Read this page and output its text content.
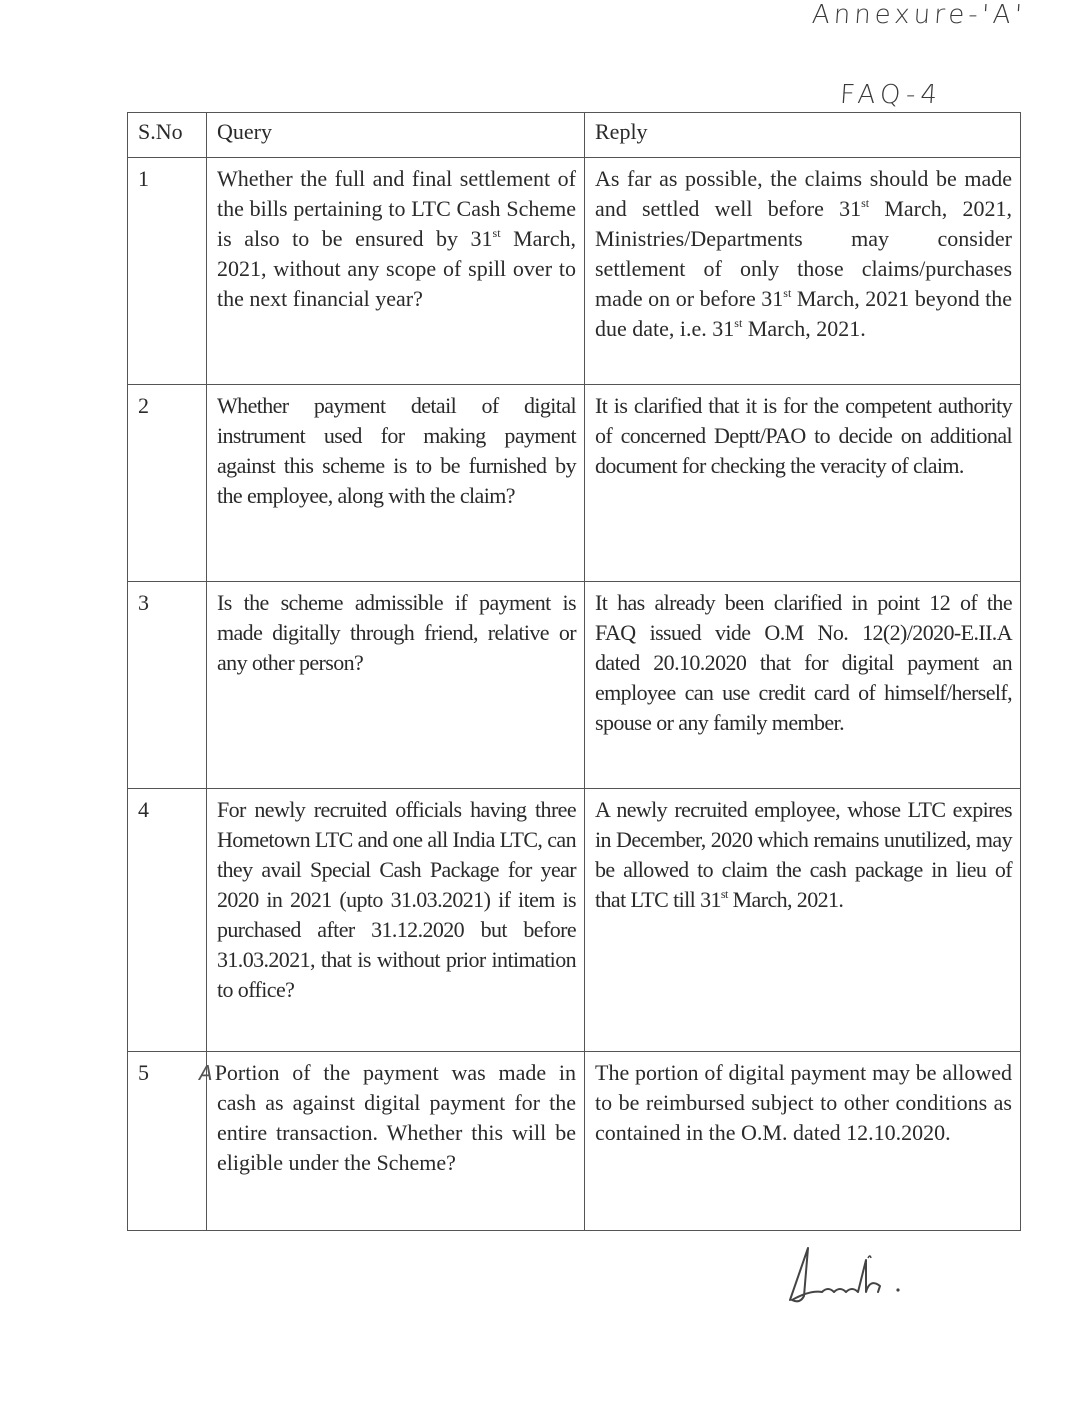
Annexure-'A'
FAQ-4
S.No	Query	Reply
1	Whether the full and final settlement of the bills pertaining to LTC Cash Scheme is also to be ensured by 31st March, 2021, without any scope of spill over to the next financial year?	As far as possible, the claims should be made and settled well before 31st March, 2021, Ministries/Departments may consider settlement of only those claims/purchases made on or before 31st March, 2021 beyond the due date, i.e. 31st March, 2021.
2	Whether payment detail of digital instrument used for making payment against this scheme is to be furnished by the employee, along with the claim?	It is clarified that it is for the competent authority of concerned Deptt/PAO to decide on additional document for checking the veracity of claim.
3	Is the scheme admissible if payment is made digitally through friend, relative or any other person?	It has already been clarified in point 12 of the FAQ issued vide O.M No. 12(2)/2020-E.II.A dated 20.10.2020 that for digital payment an employee can use credit card of himself/herself, spouse or any family member.
4	For newly recruited officials having three Hometown LTC and one all India LTC, can they avail Special Cash Package for year 2020 in 2021 (upto 31.03.2021) if item is purchased after 31.12.2020 but before 31.03.2021, that is without prior intimation to office?	A newly recruited employee, whose LTC expires in December, 2020 which remains unutilized, may be allowed to claim the cash package in lieu of that LTC till 31st March, 2021.
5	APortion of the payment was made in cash as against digital payment for the entire transaction. Whether this will be eligible under the Scheme?	The portion of digital payment may be allowed to be reimbursed subject to other conditions as contained in the O.M. dated 12.10.2020.
